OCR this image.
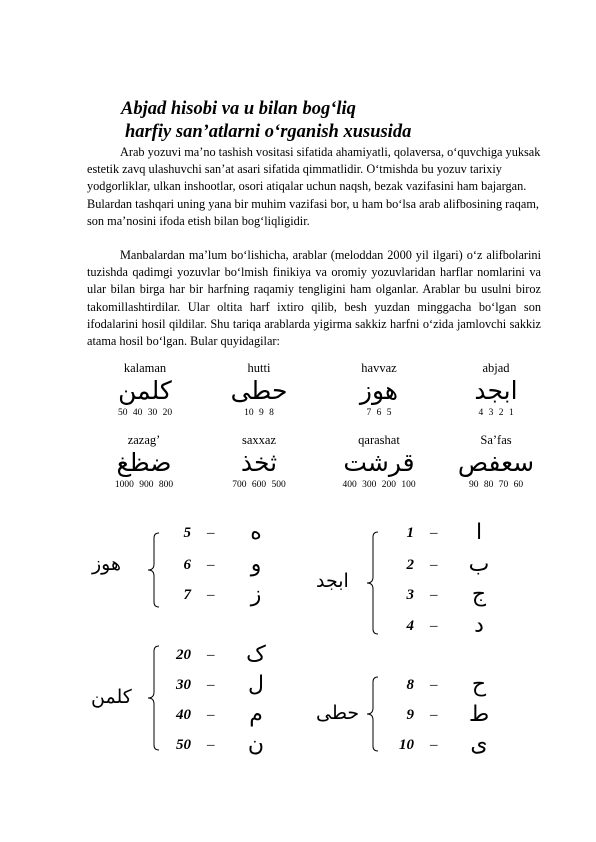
Abjad hisobi va u bilan bog‘liq
harfiy san’atlarni o‘rganish xususida

Arab yozuvi ma’no tashish vositasi sifatida ahamiyatli, qolaversa, o‘quvchiga yuksak estetik zavq ulashuvchi san’at asari sifatida qimmatlidir. O‘tmishda bu yozuv tarixiy yodgorliklar, ulkan inshootlar, osori atiqalar uchun naqsh, bezak vazifasini ham bajargan. Bulardan tashqari uning yana bir muhim vazifasi bor, u ham bo‘lsa arab alifbosining raqam, son ma’nosini ifoda etish bilan bog‘liqligidir.

Manbalardan ma’lum bo‘lishicha, arablar (meloddan 2000 yil ilgari) o‘z alifbolarini tuzishda qadimgi yozuvlar bo‘lmish finikiya va oromiy yozuvlaridan harflar nomlarini va ular bilan birga har bir harfning raqamiy tengligini ham olganlar. Arablar bu usulni biroz takomillashtirdilar. Ular oltita harf ixtiro qilib, besh yuzdan minggacha bo‘lgan son ifodalarini hosil qildilar. Shu tariqa arablarda yigirma sakkiz harfni o‘zida jamlovchi sakkiz atama hosil bo‘lgan. Bular quyidagilar:

kalaman
كلمن
50 40 30 20
hutti
حطى
10 9 8
havvaz
هوز
7 6 5
abjad
ابجد
4 3 2 1
zazag’
ضظغ
1000 900 800
saxxaz
ثخذ
700 600 500
qarashat
قرشت
400 300 200 100
Sa’fas
سعفص
90 80 70 60
هوز
5 –	ه
6 –	و
7 –	ز
ابجد
1 –	ا
2 – ب
3 –	ج
4 –	د
كلمن
20 – ک
30 –	ل
40 –	م
50 –	ن
حطى
8 –	ح
9 – ط
10 – ی
